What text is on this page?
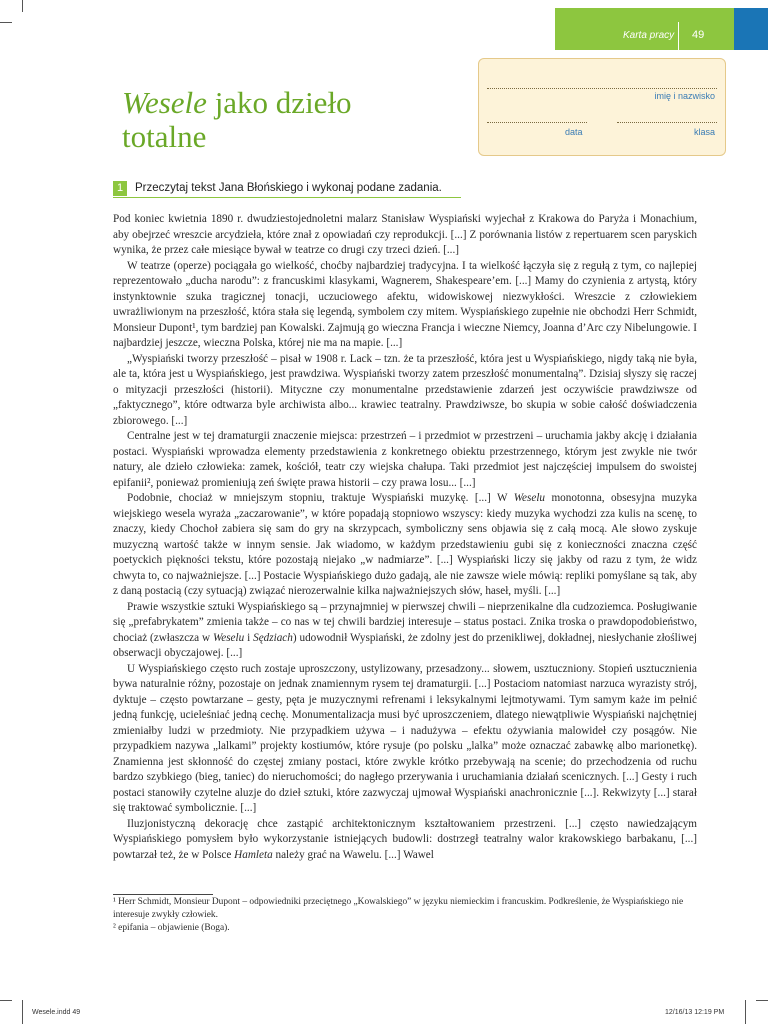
Karta pracy 49
Wesele jako dzieło
totalne
imię i nazwisko
data	klasa
1	Przeczytaj tekst Jana Błońskiego i wykonaj podane zadania.

Pod koniec kwietnia 1890 r. dwudziestojednoletni malarz Stanisław Wyspiański wyjechał z Krakowa do Paryża i Monachium, aby obejrzeć wreszcie arcydzieła, które znał z opowiadań czy reprodukcji. [...] Z porównania listów z repertuarem scen paryskich wynika, że przez całe miesiące bywał w teatrze co drugi czy trzeci dzień. [...]

W teatrze (operze) pociągała go wielkość, choćby najbardziej tradycyjna. I ta wielkość łączyła się z regułą z tym, co najlepiej reprezentowało „ducha narodu”: z francuskimi klasykami, Wagnerem, Shakespeare’em. [...] Mamy do czynienia z artystą, który instynktownie szuka tragicznej tonacji, uczuciowego afektu, widowiskowej niezwykłości. Wreszcie z człowiekiem uwrażliwionym na przeszłość, która stała się legendą, symbolem czy mitem. Wyspiańskiego zupełnie nie obchodzi Herr Schmidt, Monsieur Dupont¹, tym bardziej pan Kowalski. Zajmują go wieczna Francja i wieczne Niemcy, Joanna d’Arc czy Nibelungowie. I najbardziej jeszcze, wieczna Polska, której nie ma na mapie. [...]

„Wyspiański tworzy przeszłość – pisał w 1908 r. Lack – tzn. że ta przeszłość, która jest u Wyspiańskiego, nigdy taką nie była, ale ta, która jest u Wyspiańskiego, jest prawdziwa. Wyspiański tworzy zatem przeszłość monumentalną”. Dzisiaj słyszy się raczej o mityzacji przeszłości (historii). Mityczne czy monumentalne przedstawienie zdarzeń jest oczywiście prawdziwsze od „faktycznego”, które odtwarza byle archiwista albo... krawiec teatralny. Prawdziwsze, bo skupia w sobie całość doświadczenia zbiorowego. [...]

Centralne jest w tej dramaturgii znaczenie miejsca: przestrzeń – i przedmiot w przestrzeni – uruchamia jakby akcję i działania postaci. Wyspiański wprowadza elementy przedstawienia z konkretnego obiektu przestrzennego, którym jest zwykle nie twór natury, ale dzieło człowieka: zamek, kościół, teatr czy wiejska chałupa. Taki przedmiot jest najczęściej impulsem do swoistej epifanii², ponieważ promieniują zeń święte prawa historii – czy prawa losu... [...]

Podobnie, chociaż w mniejszym stopniu, traktuje Wyspiański muzykę. [...] W Weselu monotonna, obsesyjna muzyka wiejskiego wesela wyraża „zaczarowanie”, w które popadają stopniowo wszyscy: kiedy muzyka wychodzi zza kulis na scenę, to znaczy, kiedy Chochoł zabiera się sam do gry na skrzypcach, symboliczny sens objawia się z całą mocą. Ale słowo zyskuje muzyczną wartość także w innym sensie. Jak wiadomo, w każdym przedstawieniu gubi się z konieczności znaczna część poetyckich piękności tekstu, które pozostają niejako „w nadmiarze”. [...] Wyspiański liczy się jakby od razu z tym, że widz chwyta to, co najważniejsze. [...] Postacie Wyspiańskiego dużo gadają, ale nie zawsze wiele mówią: repliki pomyślane są tak, aby z daną postacią (czy sytuacją) związać nierozerwalnie kilka najważniejszych słów, haseł, myśli. [...]

Prawie wszystkie sztuki Wyspiańskiego są – przynajmniej w pierwszej chwili – nieprzenikalne dla cudzoziemca. Posługiwanie się „prefabrykatem” zmienia także – co nas w tej chwili bardziej interesuje – status postaci. Znika troska o prawdopodobieństwo, chociaż (zwłaszcza w Weselu i Sędziach) udowodnił Wyspiański, że zdolny jest do przenikliwej, dokładnej, niesłychanie złośliwej obserwacji obyczajowej. [...]

U Wyspiańskiego często ruch zostaje uproszczony, ustylizowany, przesadzony... słowem, usztuczniony. Stopień usztucznienia bywa naturalnie różny, pozostaje on jednak znamiennym rysem tej dramaturgii. [...] Postaciom natomiast narzuca wyrazisty strój, dyktuje – często powtarzane – gesty, pęta je muzycznymi refrenami i leksykalnymi lejtmotywami. Tym samym każe im pełnić jedną funkcję, ucieleśniać jedną cechę. Monumentalizacja musi być uproszczeniem, dlatego niewątpliwie Wyspiański najchętniej zmieniałby ludzi w przedmioty. Nie przypadkiem używa – i nadużywa – efektu ożywiania malowideł czy posągów. Nie przypadkiem nazywa „lalkami” projekty kostiumów, które rysuje (po polsku „lalka” może oznaczać zabawkę albo marionetkę). Znamienna jest skłonność do częstej zmiany postaci, które zwykle krótko przebywają na scenie; do przechodzenia od ruchu bardzo szybkiego (bieg, taniec) do nieruchomości; do nagłego przerywania i uruchamiania działań scenicznych. [...] Gesty i ruch postaci stanowiły czytelne aluzje do dzieł sztuki, które zazwyczaj ujmował Wyspiański anachronicznie [...]. Rekwizyty [...] starał się traktować symbolicznie. [...]

Iluzjonistyczną dekorację chce zastąpić architektonicznym kształtowaniem przestrzeni. [...] często nawiedzającym Wyspiańskiego pomysłem było wykorzystanie istniejących budowli: dostrzegł teatralny walor krakowskiego barbakanu, [...] powtarzał też, że w Polsce Hamleta należy grać na Wawelu. [...] Wawel

¹ Herr Schmidt, Monsieur Dupont – odpowiedniki przeciętnego „Kowalskiego” w języku niemieckim i francuskim. Podkreślenie, że Wyspiańskiego nie interesuje zwykły człowiek.

² epifania – objawienie (Boga).

Wesele.indd 49	12/16/13 12:19 PM
